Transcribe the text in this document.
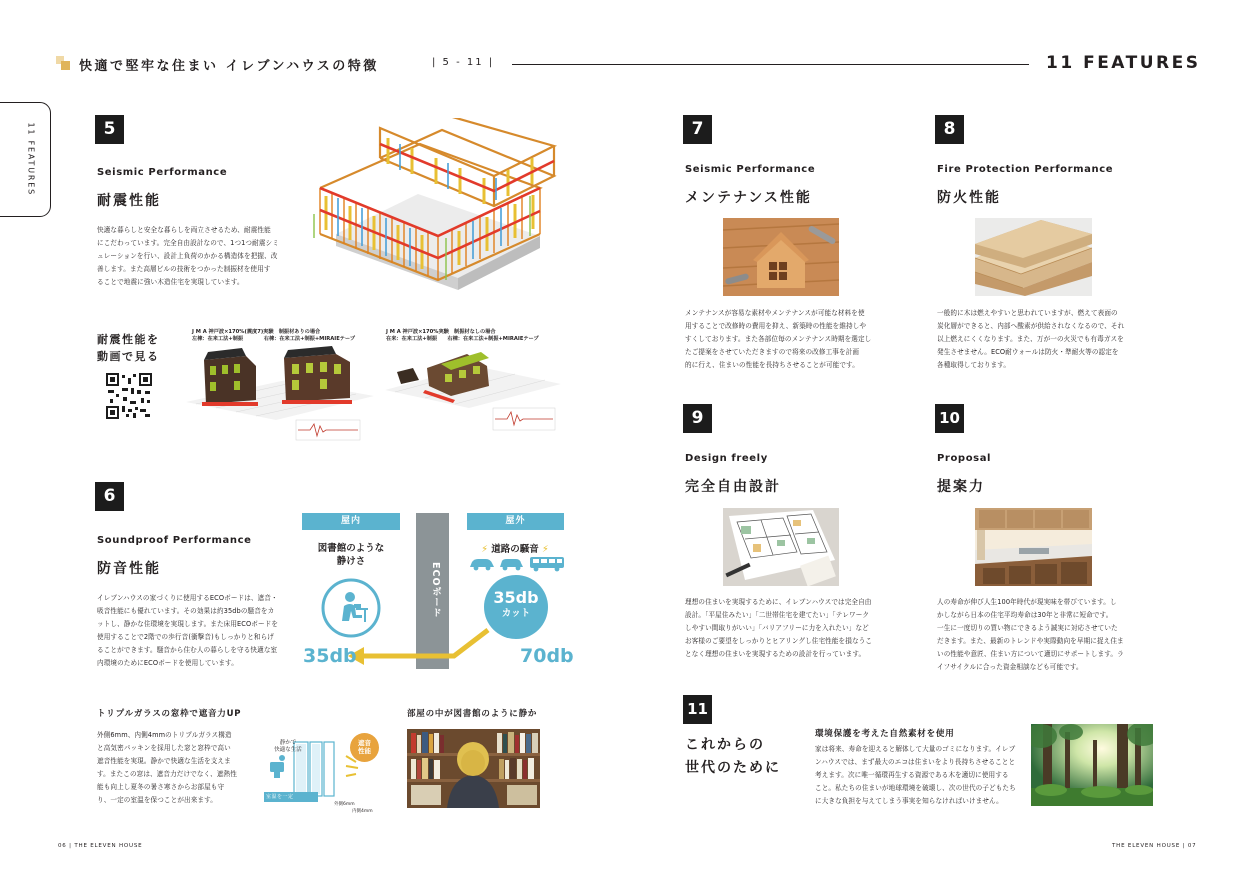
快適で堅牢な住まい イレブンハウスの特徴	| 5 - 11 |	11 FEATURES
11 FEATURES	5
Seismic Performance
耐震性能
快適な暮らしと安全な暮らしを両立させるため、耐震性能
にこだわっています。完全自由設計なので、1つ1つ耐震シミ
ュレーションを行い、設計上負荷のかかる構造体を把握、改
善します。また高層ビルの技術をつかった制振材を使用す
ることで地震に強い木造住宅を実現しています。
耐震性能を
動画で見る
J M A 神戸波×170%(震度7)実験　制振材ありの場合
左棟：在来工法+制振　　　　右棟：在来工法+制振+MIRAIEテープ
J M A 神戸波×170%実験　制振材なしの場合
在来：在来工法+制振　　右棟：在来工法+制振+MIRAIEテープ
6
Soundproof Performance
防音性能
イレブンハウスの家づくりに使用するECOボードは、遮音・
吸音性能にも優れています。その効果は約35dbの騒音をカ
ットし、静かな住環境を実現します。また床用ECOボードを
使用することで2階での歩行音(衝撃音)もしっかりと和らげ
ることができます。騒音から住む人の暮らしを守る快適な室
内環境のためにECOボードを使用しています。
屋内	屋外
ECOボード
図書館のような
静けさ
⚡ 道路の騒音 ⚡
35db
カット
35db	70db
トリプルガラスの窓枠で遮音力UP
外側6mm、内側4mmのトリプルガラス構造
と高気密パッキンを採用した窓と窓枠で高い
遮音性能を実現。静かで快適な生活を支えま
す。またこの窓は、遮音力だけでなく、遮熱性
能も向上し夏冬の暑さ寒さからお部屋も守
り、一定の室温を保つことが出来ます。
静かで
快適な生活
遮音
性能
室温を一定
外側6mm
内側4mm
部屋の中が図書館のように静か
7
Seismic Performance
メンテナンス性能
メンテナンスが容易な素材やメンテナンスが可能な材料を使
用することで改修時の費用を抑え、新築時の性能を維持しや
すくしております。また各部位毎のメンテナンス時期を選定し
たご提案をさせていただきますので将来の改修工事を計画
的に行え、住まいの性能を長持ちさせることが可能です。
8
Fire Protection Performance
防火性能
一般的に木は燃えやすいと思われていますが、燃えて表面の
炭化層ができると、内部へ酸素が供給されなくなるので、それ
以上燃えにくくなります。また、万が一の火災でも有毒ガスを
発生させません。ECO耐ウォールは防火・準耐火等の認定を
各種取得しております。
9
Design freely
完全自由設計
理想の住まいを実現するために、イレブンハウスでは完全自由
設計。「平屋住みたい」「二世帯住宅を建てたい」「テレワーク
しやすい間取りがいい」「バリアフリーに力を入れたい」など
お客様のご要望をしっかりとヒアリングし住宅性能を損なうこ
となく理想の住まいを実現するための設計を行っています。
10
Proposal
提案力
人の寿命が伸び人生100年時代が現実味を帯びています。し
かしながら日本の住宅平均寿命は30年と非常に短命です。
一生に一度切りの買い物にできるよう誠実に対応させていた
だきます。また、最新のトレンドや実際動向を早期に捉え住ま
いの性能や意匠、住まい方について適切にサポートします。ラ
イフサイクルに合った資金相談なども可能です。
11
これからの
世代のために
環境保護を考えた自然素材を使用
家は将来、寿命を迎えると解体して大量のゴミになります。イレブ
ンハウスでは、まず最大のエコは住まいをより長持ちさせることと
考えます。次に唯一循環再生する資源である木を適切に使用する
こと。私たちの住まいが地球環境を破壊し、次の世代の子どもたち
に大きな負担を与えてしまう事実を知らなければいけません。
06 | THE ELEVEN HOUSE	THE ELEVEN HOUSE | 07
